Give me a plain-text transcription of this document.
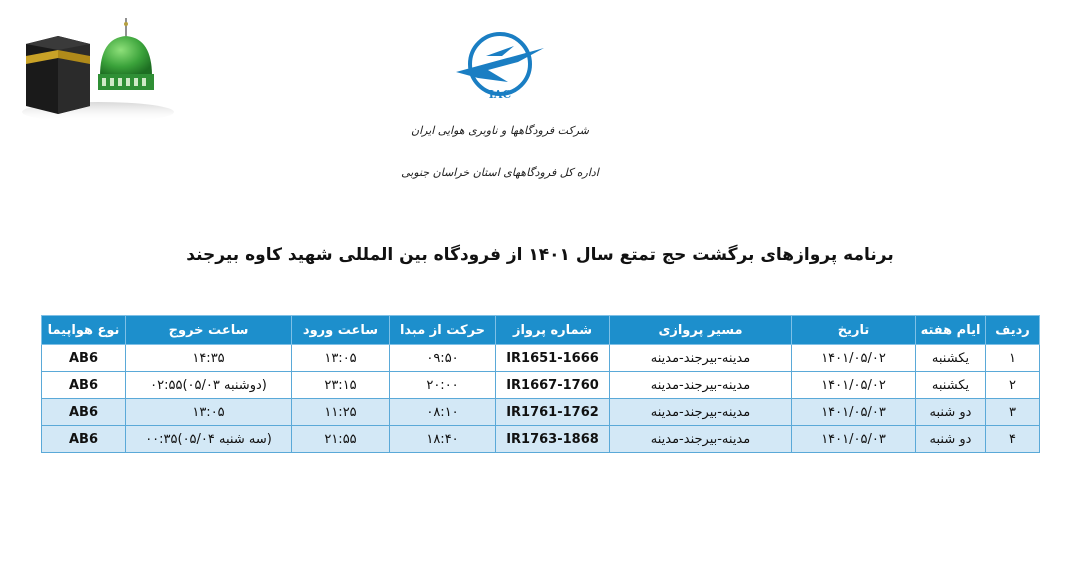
IAC
شرکت فرودگاهها و ناوبری هوایی ایران
اداره کل فرودگاههای استان خراسان جنوبی
برنامه پروازهای برگشت حج تمتع سال ۱۴۰۱ از فرودگاه بین المللی شهید کاوه بیرجند
ردیف	ایام هفته	تاریخ	مسیر پروازی	شماره پرواز	حرکت از مبدا	ساعت ورود	ساعت خروج	نوع هواپیما
۱	یکشنبه	۱۴۰۱/۰۵/۰۲	مدینه-بیرجند-مدینه	IR1651-1666	۰۹:۵۰	۱۳:۰۵	۱۴:۳۵	AB6
۲	یکشنبه	۱۴۰۱/۰۵/۰۲	مدینه-بیرجند-مدینه	IR1667-1760	۲۰:۰۰	۲۳:۱۵	(دوشنبه ۰۵/۰۳)۰۲:۵۵	AB6
۳	دو شنبه	۱۴۰۱/۰۵/۰۳	مدینه-بیرجند-مدینه	IR1761-1762	۰۸:۱۰	۱۱:۲۵	۱۳:۰۵	AB6
۴	دو شنبه	۱۴۰۱/۰۵/۰۳	مدینه-بیرجند-مدینه	IR1763-1868	۱۸:۴۰	۲۱:۵۵	(سه شنبه ۰۵/۰۴)۰۰:۳۵	AB6
